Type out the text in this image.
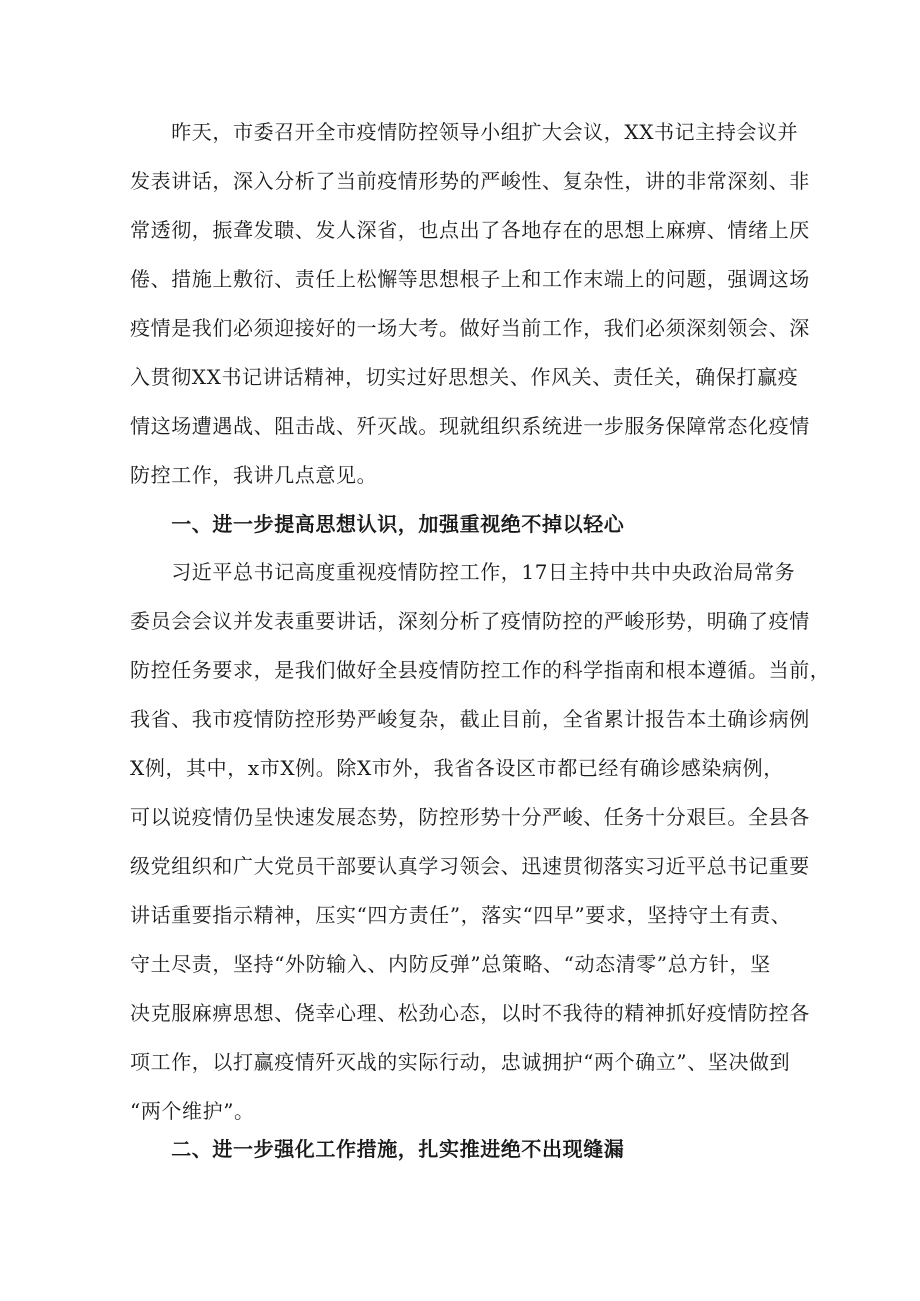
　　昨天，市委召开全市疫情防控领导小组扩大会议，XX书记主持会议并
发表讲话，深入分析了当前疫情形势的严峻性、复杂性，讲的非常深刻、非
常透彻，振聋发聩、发人深省，也点出了各地存在的思想上麻痹、情绪上厌
倦、措施上敷衍、责任上松懈等思想根子上和工作末端上的问题，强调这场
疫情是我们必须迎接好的一场大考。做好当前工作，我们必须深刻领会、深
入贯彻XX书记讲话精神，切实过好思想关、作风关、责任关，确保打赢疫
情这场遭遇战、阻击战、歼灭战。现就组织系统进一步服务保障常态化疫情
防控工作，我讲几点意见。
　　一、进一步提高思想认识，加强重视绝不掉以轻心
　　习近平总书记高度重视疫情防控工作，17日主持中共中央政治局常务
委员会会议并发表重要讲话，深刻分析了疫情防控的严峻形势，明确了疫情
防控任务要求，是我们做好全县疫情防控工作的科学指南和根本遵循。当前，
我省、我市疫情防控形势严峻复杂，截止目前，全省累计报告本土确诊病例
X例，其中，x市X例。除X市外，我省各设区市都已经有确诊感染病例，
可以说疫情仍呈快速发展态势，防控形势十分严峻、任务十分艰巨。全县各
级党组织和广大党员干部要认真学习领会、迅速贯彻落实习近平总书记重要
讲话重要指示精神，压实“四方责任”，落实“四早”要求，坚持守土有责、
守土尽责，坚持“外防输入、内防反弹”总策略、“动态清零”总方针，坚
决克服麻痹思想、侥幸心理、松劲心态，以时不我待的精神抓好疫情防控各
项工作，以打赢疫情歼灭战的实际行动，忠诚拥护“两个确立”、坚决做到
“两个维护”。
　　二、进一步强化工作措施，扎实推进绝不出现缝漏
